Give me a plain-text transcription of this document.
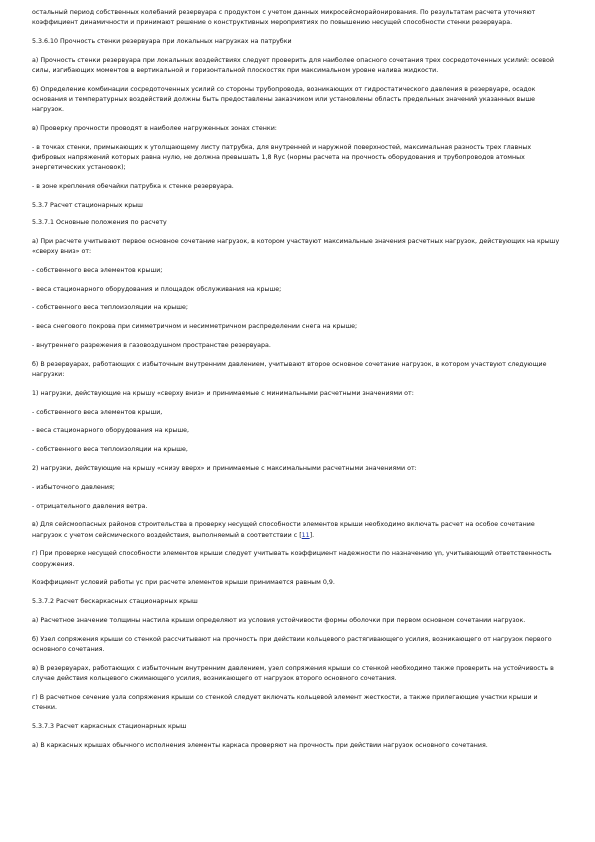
остальный период собственных колебаний резервуара с продуктом с учетом данных микросейсморайонирования. По результатам расчета уточняют коэффициент динамичности и принимают решение о конструктивных мероприятиях по повышению несущей способности стенки резервуара.

5.3.6.10 Прочность стенки резервуара при локальных нагрузках на патрубки

а) Прочность стенки резервуара при локальных воздействиях следует проверить для наиболее опасного сочетания трех сосредоточенных усилий: осевой силы, изгибающих моментов в вертикальной и горизонтальной плоскостях при максимальном уровне налива жидкости.

б) Определение комбинации сосредоточенных усилий со стороны трубопровода, возникающих от гидростатического давления в резервуаре, осадок основания и температурных воздействий должны быть предоставлены заказчиком или установлены область предельных значений указанных выше нагрузок.

в) Проверку прочности проводят в наиболее нагруженных зонах стенки:

- в точках стенки, примыкающих к утолщающему листу патрубка, для внутренней и наружной поверхностей, максимальная разность трех главных фибровых напряжений которых равна нулю, не должна превышать 1,8 Rуc (нормы расчета на прочность оборудования и трубопроводов атомных энергетических установок);

- в зоне крепления обечайки патрубка к стенке резервуара.

5.3.7 Расчет стационарных крыш

5.3.7.1 Основные положения по расчету

а) При расчете учитывают первое основное сочетание нагрузок, в котором участвуют максимальные значения расчетных нагрузок, действующих на крышу «сверху вниз» от:

- собственного веса элементов крыши;

- веса стационарного оборудования и площадок обслуживания на крыше;

- собственного веса теплоизоляции на крыше;

- веса снегового покрова при симметричном и несимметричном распределении снега на крыше;

- внутреннего разрежения в газовоздушном пространстве резервуара.

б) В резервуарах, работающих с избыточным внутренним давлением, учитывают второе основное сочетание нагрузок, в котором участвуют следующие нагрузки:

1) нагрузки, действующие на крышу «сверху вниз» и принимаемые с минимальными расчетными значениями от:

- собственного веса элементов крыши,

- веса стационарного оборудования на крыше,

- собственного веса теплоизоляции на крыше,

2) нагрузки, действующие на крышу «снизу вверх» и принимаемые с максимальными расчетными значениями от:

- избыточного давления;

- отрицательного давления ветра.

в) Для сейсмоопасных районов строительства в проверку несущей способности элементов крыши необходимо включать расчет на особое сочетание нагрузок с учетом сейсмического воздействия, выполняемый в соответствии с [11].

г) При проверке несущей способности элементов крыши следует учитывать коэффициент надежности по назначению γn, учитывающий ответственность сооружения.

Коэффициент условий работы γc при расчете элементов крыши принимается равным 0,9.

5.3.7.2 Расчет бескаркасных стационарных крыш

а) Расчетное значение толщины настила крыши определяют из условия устойчивости формы оболочки при первом основном сочетании нагрузок.

б) Узел сопряжения крыши со стенкой рассчитывают на прочность при действии кольцевого растягивающего усилия, возникающего от нагрузок первого основного сочетания.

в) В резервуарах, работающих с избыточным внутренним давлением, узел сопряжения крыши со стенкой необходимо также проверить на устойчивость в случае действия кольцевого сжимающего усилия, возникающего от нагрузок второго основного сочетания.

г) В расчетное сечение узла сопряжения крыши со стенкой следует включать кольцевой элемент жесткости, а также прилегающие участки крыши и стенки.

5.3.7.3 Расчет каркасных стационарных крыш

а) В каркасных крышах обычного исполнения элементы каркаса проверяют на прочность при действии нагрузок основного сочетания.
